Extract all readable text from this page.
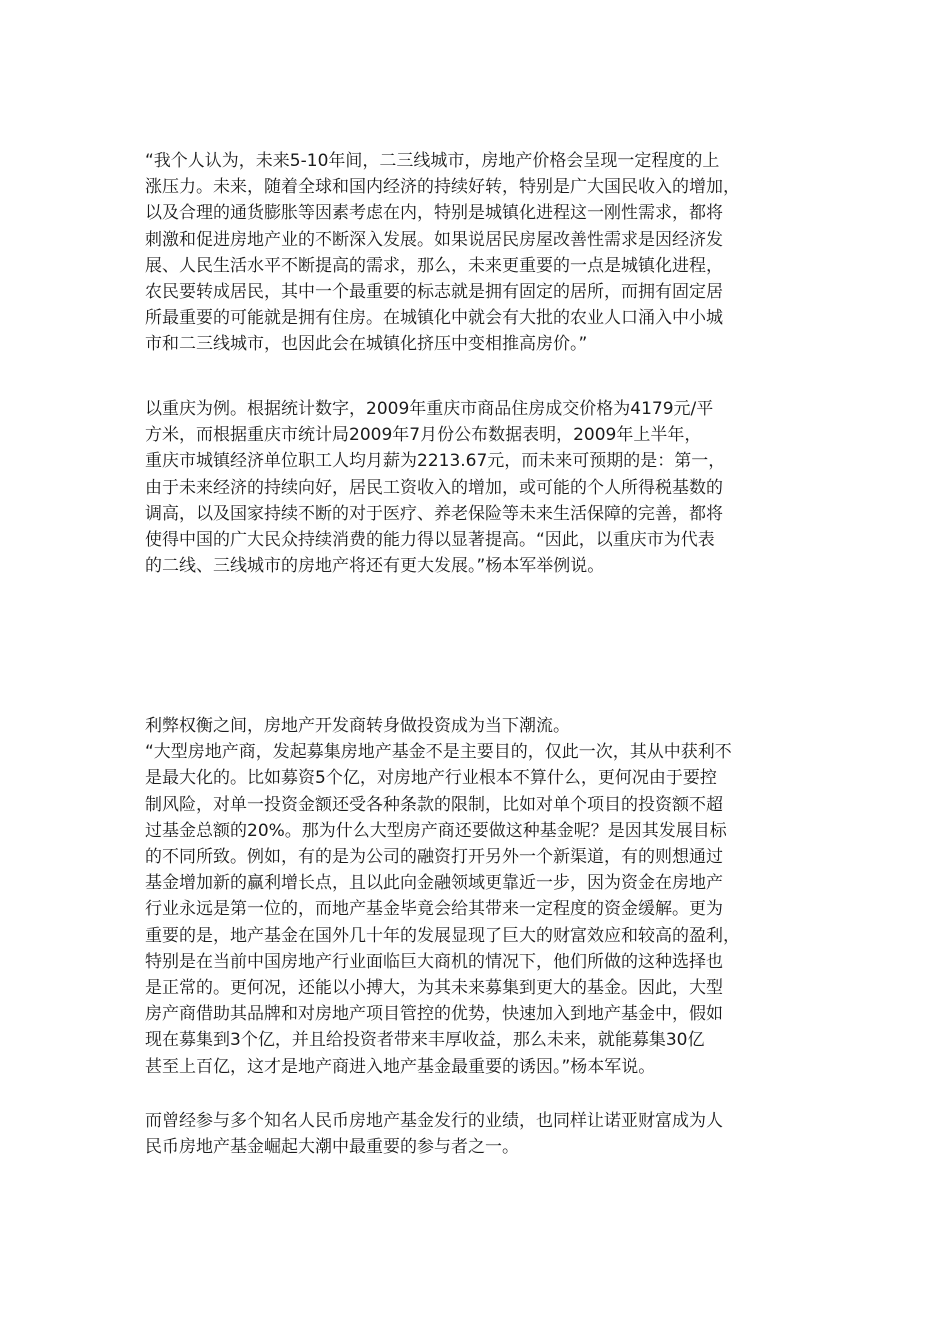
“我个人认为，未来5-10年间，二三线城市，房地产价格会呈现一定程度的上
涨压力。未来，随着全球和国内经济的持续好转，特别是广大国民收入的增加，
以及合理的通货膨胀等因素考虑在内，特别是城镇化进程这一刚性需求，都将
刺激和促进房地产业的不断深入发展。如果说居民房屋改善性需求是因经济发
展、人民生活水平不断提高的需求，那么，未来更重要的一点是城镇化进程，
农民要转成居民，其中一个最重要的标志就是拥有固定的居所，而拥有固定居
所最重要的可能就是拥有住房。在城镇化中就会有大批的农业人口涌入中小城
市和二三线城市，也因此会在城镇化挤压中变相推高房价。”

以重庆为例。根据统计数字，2009年重庆市商品住房成交价格为4179元/平
方米，而根据重庆市统计局2009年7月份公布数据表明，2009年上半年，
重庆市城镇经济单位职工人均月薪为2213.67元，而未来可预期的是：第一，
由于未来经济的持续向好，居民工资收入的增加，或可能的个人所得税基数的
调高，以及国家持续不断的对于医疗、养老保险等未来生活保障的完善，都将
使得中国的广大民众持续消费的能力得以显著提高。“因此，以重庆市为代表
的二线、三线城市的房地产将还有更大发展。”杨本军举例说。

利弊权衡之间，房地产开发商转身做投资成为当下潮流。
“大型房地产商，发起募集房地产基金不是主要目的，仅此一次，其从中获利不
是最大化的。比如募资5个亿，对房地产行业根本不算什么，更何况由于要控
制风险，对单一投资金额还受各种条款的限制，比如对单个项目的投资额不超
过基金总额的20%。那为什么大型房产商还要做这种基金呢？是因其发展目标
的不同所致。例如，有的是为公司的融资打开另外一个新渠道，有的则想通过
基金增加新的赢利增长点，且以此向金融领域更靠近一步，因为资金在房地产
行业永远是第一位的，而地产基金毕竟会给其带来一定程度的资金缓解。更为
重要的是，地产基金在国外几十年的发展显现了巨大的财富效应和较高的盈利，
特别是在当前中国房地产行业面临巨大商机的情况下，他们所做的这种选择也
是正常的。更何况，还能以小搏大，为其未来募集到更大的基金。因此，大型
房产商借助其品牌和对房地产项目管控的优势，快速加入到地产基金中，假如
现在募集到3个亿，并且给投资者带来丰厚收益，那么未来，就能募集30亿
甚至上百亿，这才是地产商进入地产基金最重要的诱因。”杨本军说。

而曾经参与多个知名人民币房地产基金发行的业绩，也同样让诺亚财富成为人
民币房地产基金崛起大潮中最重要的参与者之一。
